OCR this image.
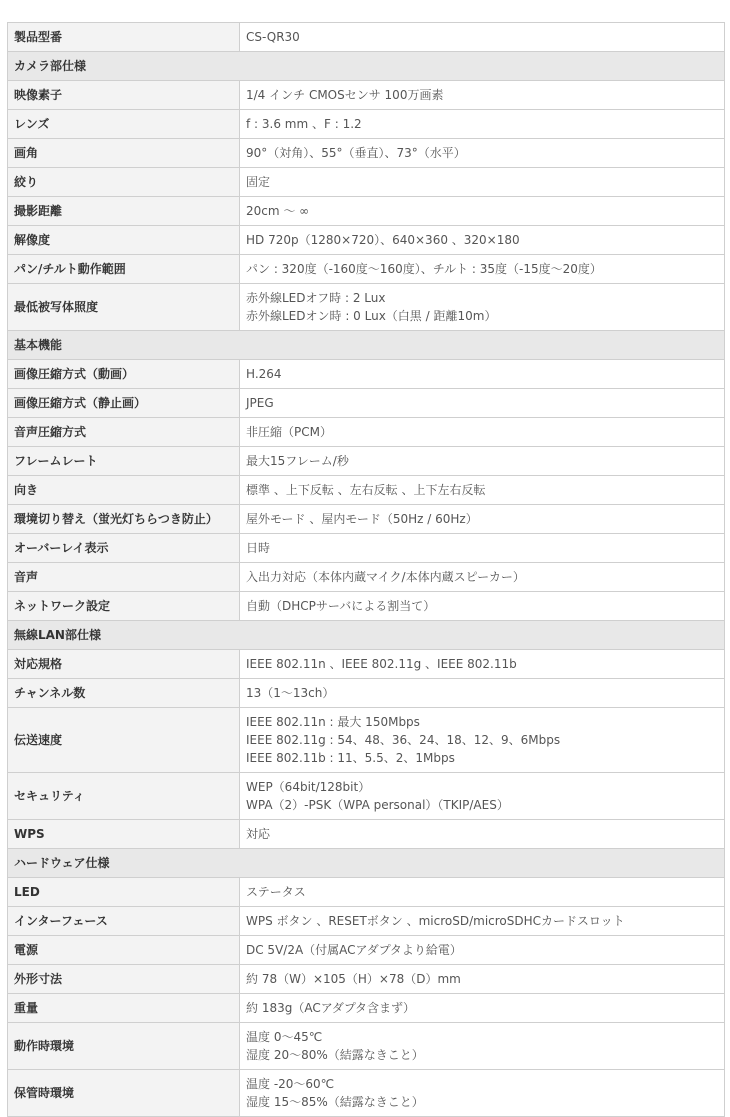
製品型番	CS-QR30

カメラ部仕様	
映像素子	1/4 インチ CMOSセンサ 100万画素

レンズ	f : 3.6 mm 、F : 1.2

画角	90°（対角）、55°（垂直）、73°（水平）

絞り	固定

撮影距離	20cm 〜 ∞

解像度	HD 720p（1280×720）、640×360 、320×180

パン/チルト動作範囲	パン : 320度（-160度〜160度）、チルト : 35度（-15度〜20度）

最低被写体照度	赤外線LEDオフ時 : 2 Lux
赤外線LEDオン時 : 0 Lux（白黒 / 距離10m）

基本機能	
画像圧縮方式（動画）	H.264

画像圧縮方式（静止画）	JPEG

音声圧縮方式	非圧縮（PCM）

フレームレート	最大15フレーム/秒

向き	標準 、上下反転 、左右反転 、上下左右反転

環境切り替え（蛍光灯ちらつき防止）	屋外モード 、屋内モード（50Hz / 60Hz）

オーバーレイ表示	日時

音声	入出力対応（本体内蔵マイク/本体内蔵スピーカー）

ネットワーク設定	自動（DHCPサーバによる割当て）

無線LAN部仕様	
対応規格	IEEE 802.11n 、IEEE 802.11g 、IEEE 802.11b

チャンネル数	13（1〜13ch）

伝送速度	IEEE 802.11n : 最大 150Mbps
IEEE 802.11g : 54、48、36、24、18、12、9、6Mbps
IEEE 802.11b : 11、5.5、2、1Mbps

セキュリティ	WEP（64bit/128bit）
WPA（2）-PSK（WPA personal）（TKIP/AES）

WPS	対応

ハードウェア仕様	
LED	ステータス

インターフェース	WPS ボタン 、RESETボタン 、microSD/microSDHCカードスロット

電源	DC 5V/2A（付属ACアダプタより給電）

外形寸法	約 78（W）×105（H）×78（D）mm

重量	約 183g（ACアダプタ含まず）

動作時環境	温度 0〜45℃
湿度 20〜80%（結露なきこと）

保管時環境	温度 -20〜60℃
湿度 15〜85%（結露なきこと）
